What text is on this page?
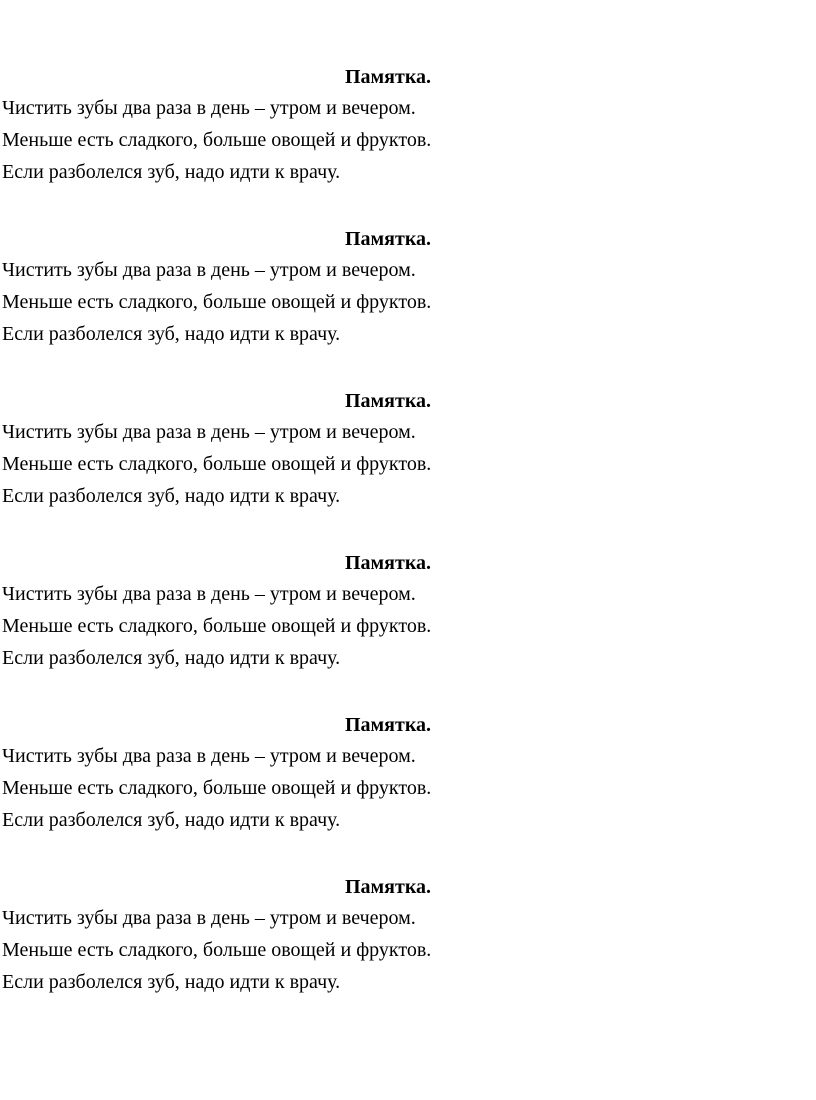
Памятка.
Чистить зубы два раза в день – утром и вечером.
Меньше есть сладкого, больше овощей и фруктов.
Если разболелся зуб, надо идти к врачу.
Памятка.
Чистить зубы два раза в день – утром и вечером.
Меньше есть сладкого, больше овощей и фруктов.
Если разболелся зуб, надо идти к врачу.
Памятка.
Чистить зубы два раза в день – утром и вечером.
Меньше есть сладкого, больше овощей и фруктов.
Если разболелся зуб, надо идти к врачу.
Памятка.
Чистить зубы два раза в день – утром и вечером.
Меньше есть сладкого, больше овощей и фруктов.
Если разболелся зуб, надо идти к врачу.
Памятка.
Чистить зубы два раза в день – утром и вечером.
Меньше есть сладкого, больше овощей и фруктов.
Если разболелся зуб, надо идти к врачу.
Памятка.
Чистить зубы два раза в день – утром и вечером.
Меньше есть сладкого, больше овощей и фруктов.
Если разболелся зуб, надо идти к врачу.
